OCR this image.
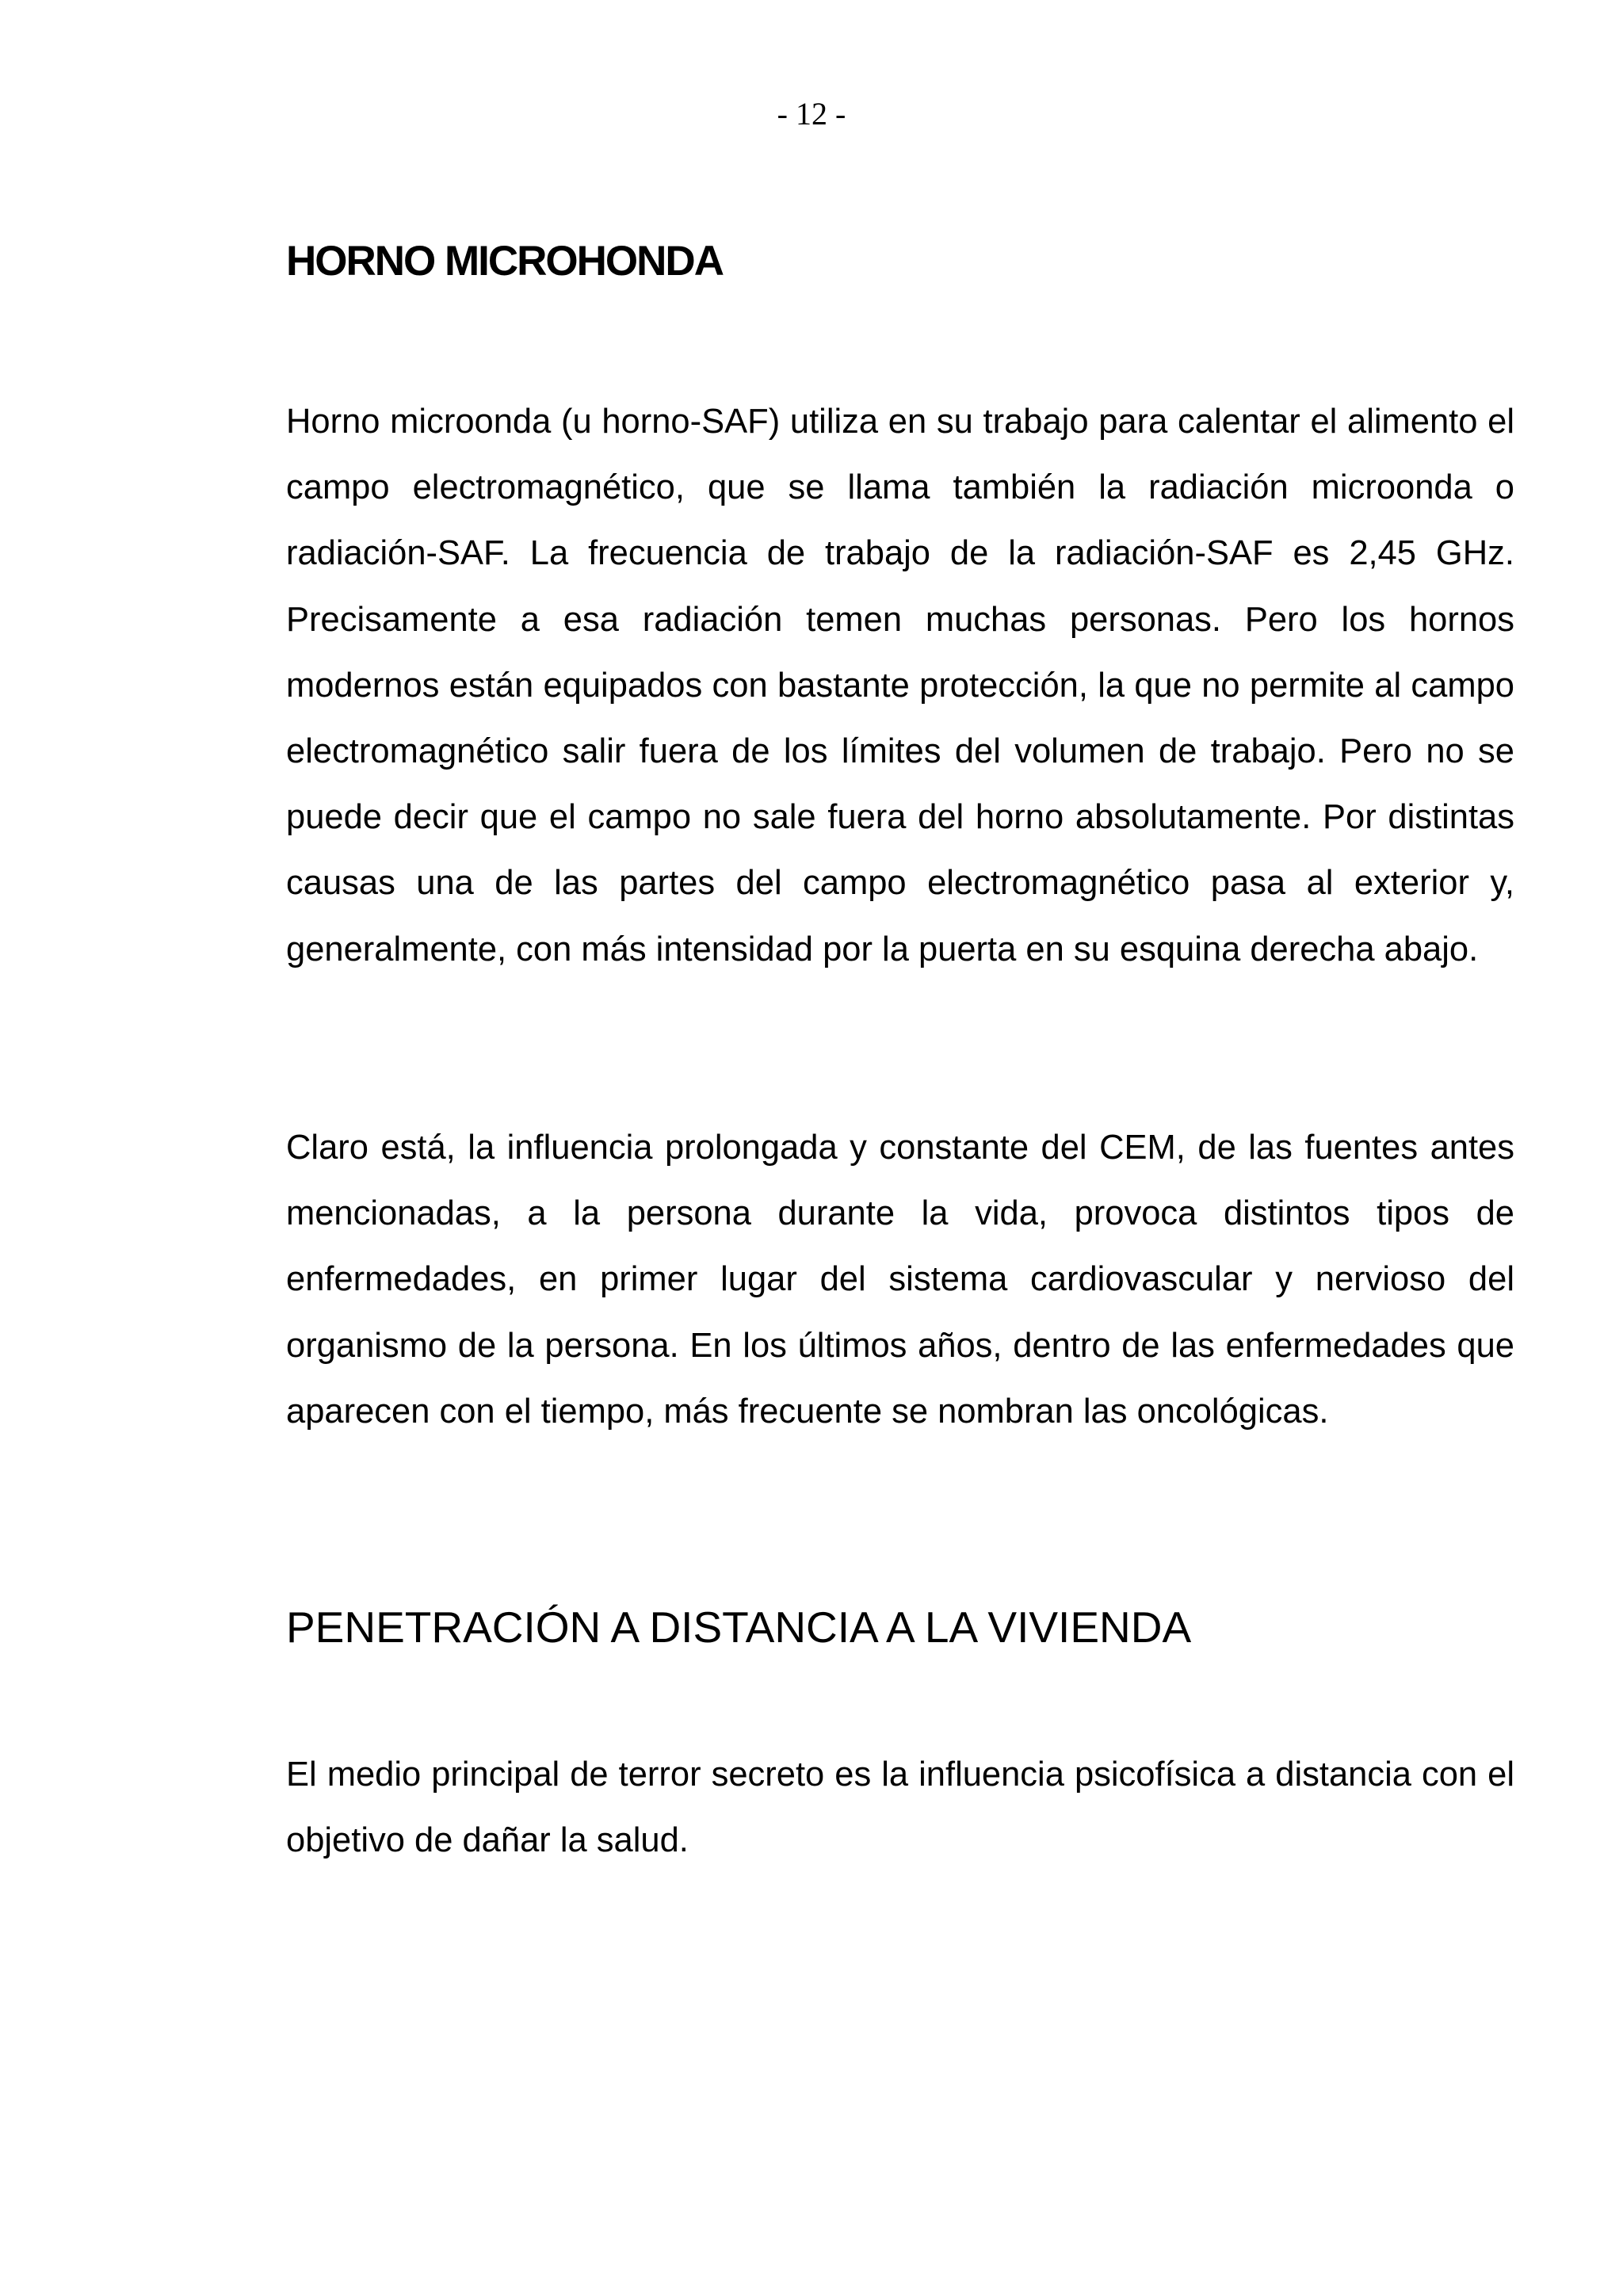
- 12 -
HORNO MICROHONDA

Horno microonda (u horno-SAF) utiliza en su trabajo para calentar el alimento el campo electromagnético, que se llama también la radiación microonda o radiación-SAF. La frecuencia de trabajo de la radiación-SAF es 2,45 GHz. Precisamente a esa radiación temen muchas personas. Pero los hornos modernos están equipados con bastante protección, la que no permite al campo electromagnético salir fuera de los límites del volumen de trabajo. Pero no se puede decir que el campo no sale fuera del horno absolutamente. Por distintas causas una de las partes del campo electromagnético pasa al exterior y, generalmente, con más intensidad por la puerta en su esquina derecha abajo.

Claro está, la influencia prolongada y constante del CEM, de las fuentes antes mencionadas, a la persona durante la vida, provoca distintos tipos de enfermedades, en primer lugar del sistema cardiovascular y nervioso del organismo de la persona. En los últimos años, dentro de las enfermedades que aparecen con el tiempo, más frecuente se nombran las oncológicas.

PENETRACIÓN A DISTANCIA A LA VIVIENDA

El medio principal de terror secreto es la influencia psicofísica a distancia con el objetivo de dañar la salud.
